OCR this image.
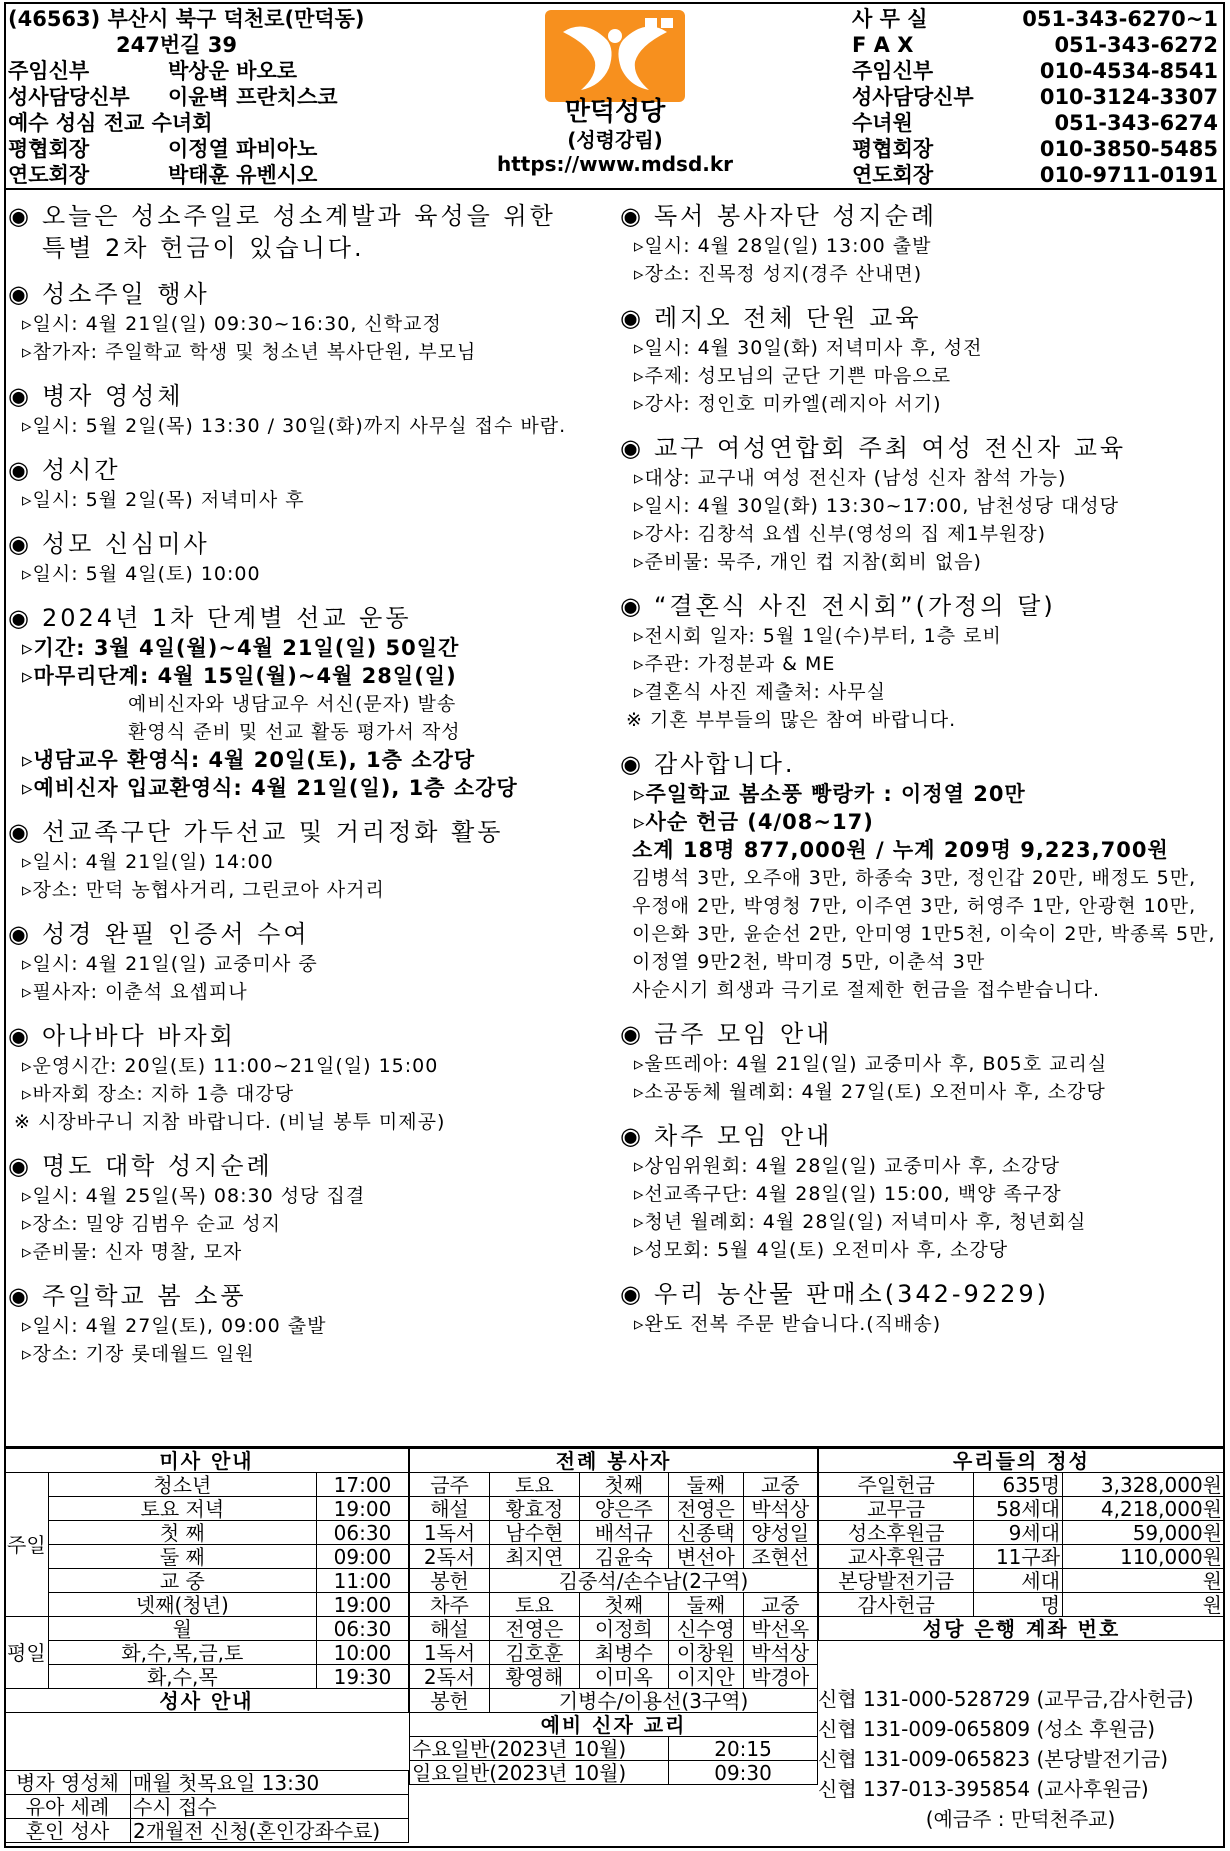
(46563) 부산시 북구 덕천로(만덕동)
247번길 39
주임신부	박상운 바오로
성사담당신부	이윤벽 프란치스코
예수 성심 전교 수녀회
평협회장	이정열 파비아노
연도회장	박태훈 유벤시오
만덕성당
(성령강림)
https://www.mdsd.kr
사 무 실	051-343-6270~1
F A X	051-343-6272
주임신부	010-4534-8541
성사담당신부	010-3124-3307
수녀원	051-343-6274
평협회장	010-3850-5485
연도회장	010-9711-0191
◉ 오늘은 성소주일로 성소계발과 육성을 위한
특별 2차 헌금이 있습니다.
◉ 성소주일 행사
▹일시: 4월 21일(일) 09:30~16:30, 신학교정
▹참가자: 주일학교 학생 및 청소년 복사단원, 부모님
◉ 병자 영성체
▹일시: 5월 2일(목) 13:30 / 30일(화)까지 사무실 접수 바람.
◉ 성시간
▹일시: 5월 2일(목) 저녁미사 후
◉ 성모 신심미사
▹일시: 5월 4일(토) 10:00
◉ 2024년 1차 단계별 선교 운동
▹기간: 3월 4일(월)~4월 21일(일) 50일간
▹마무리단계: 4월 15일(월)~4월 28일(일)
예비신자와 냉담교우 서신(문자) 발송
환영식 준비 및 선교 활동 평가서 작성
▹냉담교우 환영식: 4월 20일(토), 1층 소강당
▹예비신자 입교환영식: 4월 21일(일), 1층 소강당
◉ 선교족구단 가두선교 및 거리정화 활동
▹일시: 4월 21일(일) 14:00
▹장소: 만덕 농협사거리, 그린코아 사거리
◉ 성경 완필 인증서 수여
▹일시: 4월 21일(일) 교중미사 중
▹필사자: 이춘석 요셉피나
◉ 아나바다 바자회
▹운영시간: 20일(토) 11:00~21일(일) 15:00
▹바자회 장소: 지하 1층 대강당
※ 시장바구니 지참 바랍니다. (비닐 봉투 미제공)
◉ 명도 대학 성지순례
▹일시: 4월 25일(목) 08:30 성당 집결
▹장소: 밀양 김범우 순교 성지
▹준비물: 신자 명찰, 모자
◉ 주일학교 봄 소풍
▹일시: 4월 27일(토), 09:00 출발
▹장소: 기장 롯데월드 일원
◉ 독서 봉사자단 성지순례
▹일시: 4월 28일(일) 13:00 출발
▹장소: 진목정 성지(경주 산내면)
◉ 레지오 전체 단원 교육
▹일시: 4월 30일(화) 저녁미사 후, 성전
▹주제: 성모님의 군단 기쁜 마음으로
▹강사: 정인호 미카엘(레지아 서기)
◉ 교구 여성연합회 주최 여성 전신자 교육
▹대상: 교구내 여성 전신자 (남성 신자 참석 가능)
▹일시: 4월 30일(화) 13:30~17:00, 남천성당 대성당
▹강사: 김창석 요셉 신부(영성의 집 제1부원장)
▹준비물: 묵주, 개인 컵 지참(회비 없음)
◉ “결혼식 사진 전시회”(가정의 달)
▹전시회 일자: 5월 1일(수)부터, 1층 로비
▹주관: 가정분과 & ME
▹결혼식 사진 제출처: 사무실
※ 기혼 부부들의 많은 참여 바랍니다.
◉ 감사합니다.
▹주일학교 봄소풍 빵랑카 : 이정열 20만
▹사순 헌금 (4/08~17)
소계 18명 877,000원 / 누계 209명 9,223,700원
김병석 3만, 오주애 3만, 하종숙 3만, 정인갑 20만, 배정도 5만,
우정애 2만, 박영청 7만, 이주연 3만, 허영주 1만, 안광현 10만,
이은화 3만, 윤순선 2만, 안미영 1만5천, 이숙이 2만, 박종록 5만,
이정열 9만2천, 박미경 5만, 이춘석 3만
사순시기 희생과 극기로 절제한 헌금을 접수받습니다.
◉ 금주 모임 안내
▹울뜨레아: 4월 21일(일) 교중미사 후, B05호 교리실
▹소공동체 월례회: 4월 27일(토) 오전미사 후, 소강당
◉ 차주 모임 안내
▹상임위원회: 4월 28일(일) 교중미사 후, 소강당
▹선교족구단: 4월 28일(일) 15:00, 백양 족구장
▹청년 월례회: 4월 28일(일) 저녁미사 후, 청년회실
▹성모회: 5월 4일(토) 오전미사 후, 소강당
◉ 우리 농산물 판매소(342-9229)
▹완도 전복 주문 받습니다.(직배송)
미사 안내		
주일	청소년	17:00
	토요 저녁	19:00
	첫 째	06:30
	둘 째	09:00
	교 중	11:00
	넷째(청년)	19:00
평일	월	06:30
	화,수,목,금,토	10:00
	화,수,목	19:30
성사 안내		
병자 영성체	매월 첫목요일 13:30
유아 세례	수시 접수
혼인 성사	2개월전 신청(혼인강좌수료)
전례 봉사자				
금주	토요	첫째	둘째	교중
해설	황효정	양은주	전영은	박석상
1독서	남수현	배석규	신종택	양성일
2독서	최지연	김윤숙	변선아	조현선
봉헌	김중석/손수남(2구역)			
차주	토요	첫째	둘째	교중
해설	전영은	이정희	신수영	박선옥
1독서	김호훈	최병수	이창원	박석상
2독서	황영해	이미옥	이지안	박경아
봉헌	기병수/이용선(3구역)			
예비 신자 교리				
수요일반(2023년 10월)			20:15	
일요일반(2023년 10월)			09:30	
우리들의 정성		
주일헌금	635명	3,328,000원
교무금	58세대	4,218,000원
성소후원금	9세대	59,000원
교사후원금	11구좌	110,000원
본당발전기금	세대	원
감사헌금	명	원
성당 은행 계좌 번호		
신협 131-000-528729 (교무금,감사헌금)
신협 131-009-065809 (성소 후원금)
신협 131-009-065823 (본당발전기금)
신협 137-013-395854 (교사후원금)
(예금주 : 만덕천주교)
